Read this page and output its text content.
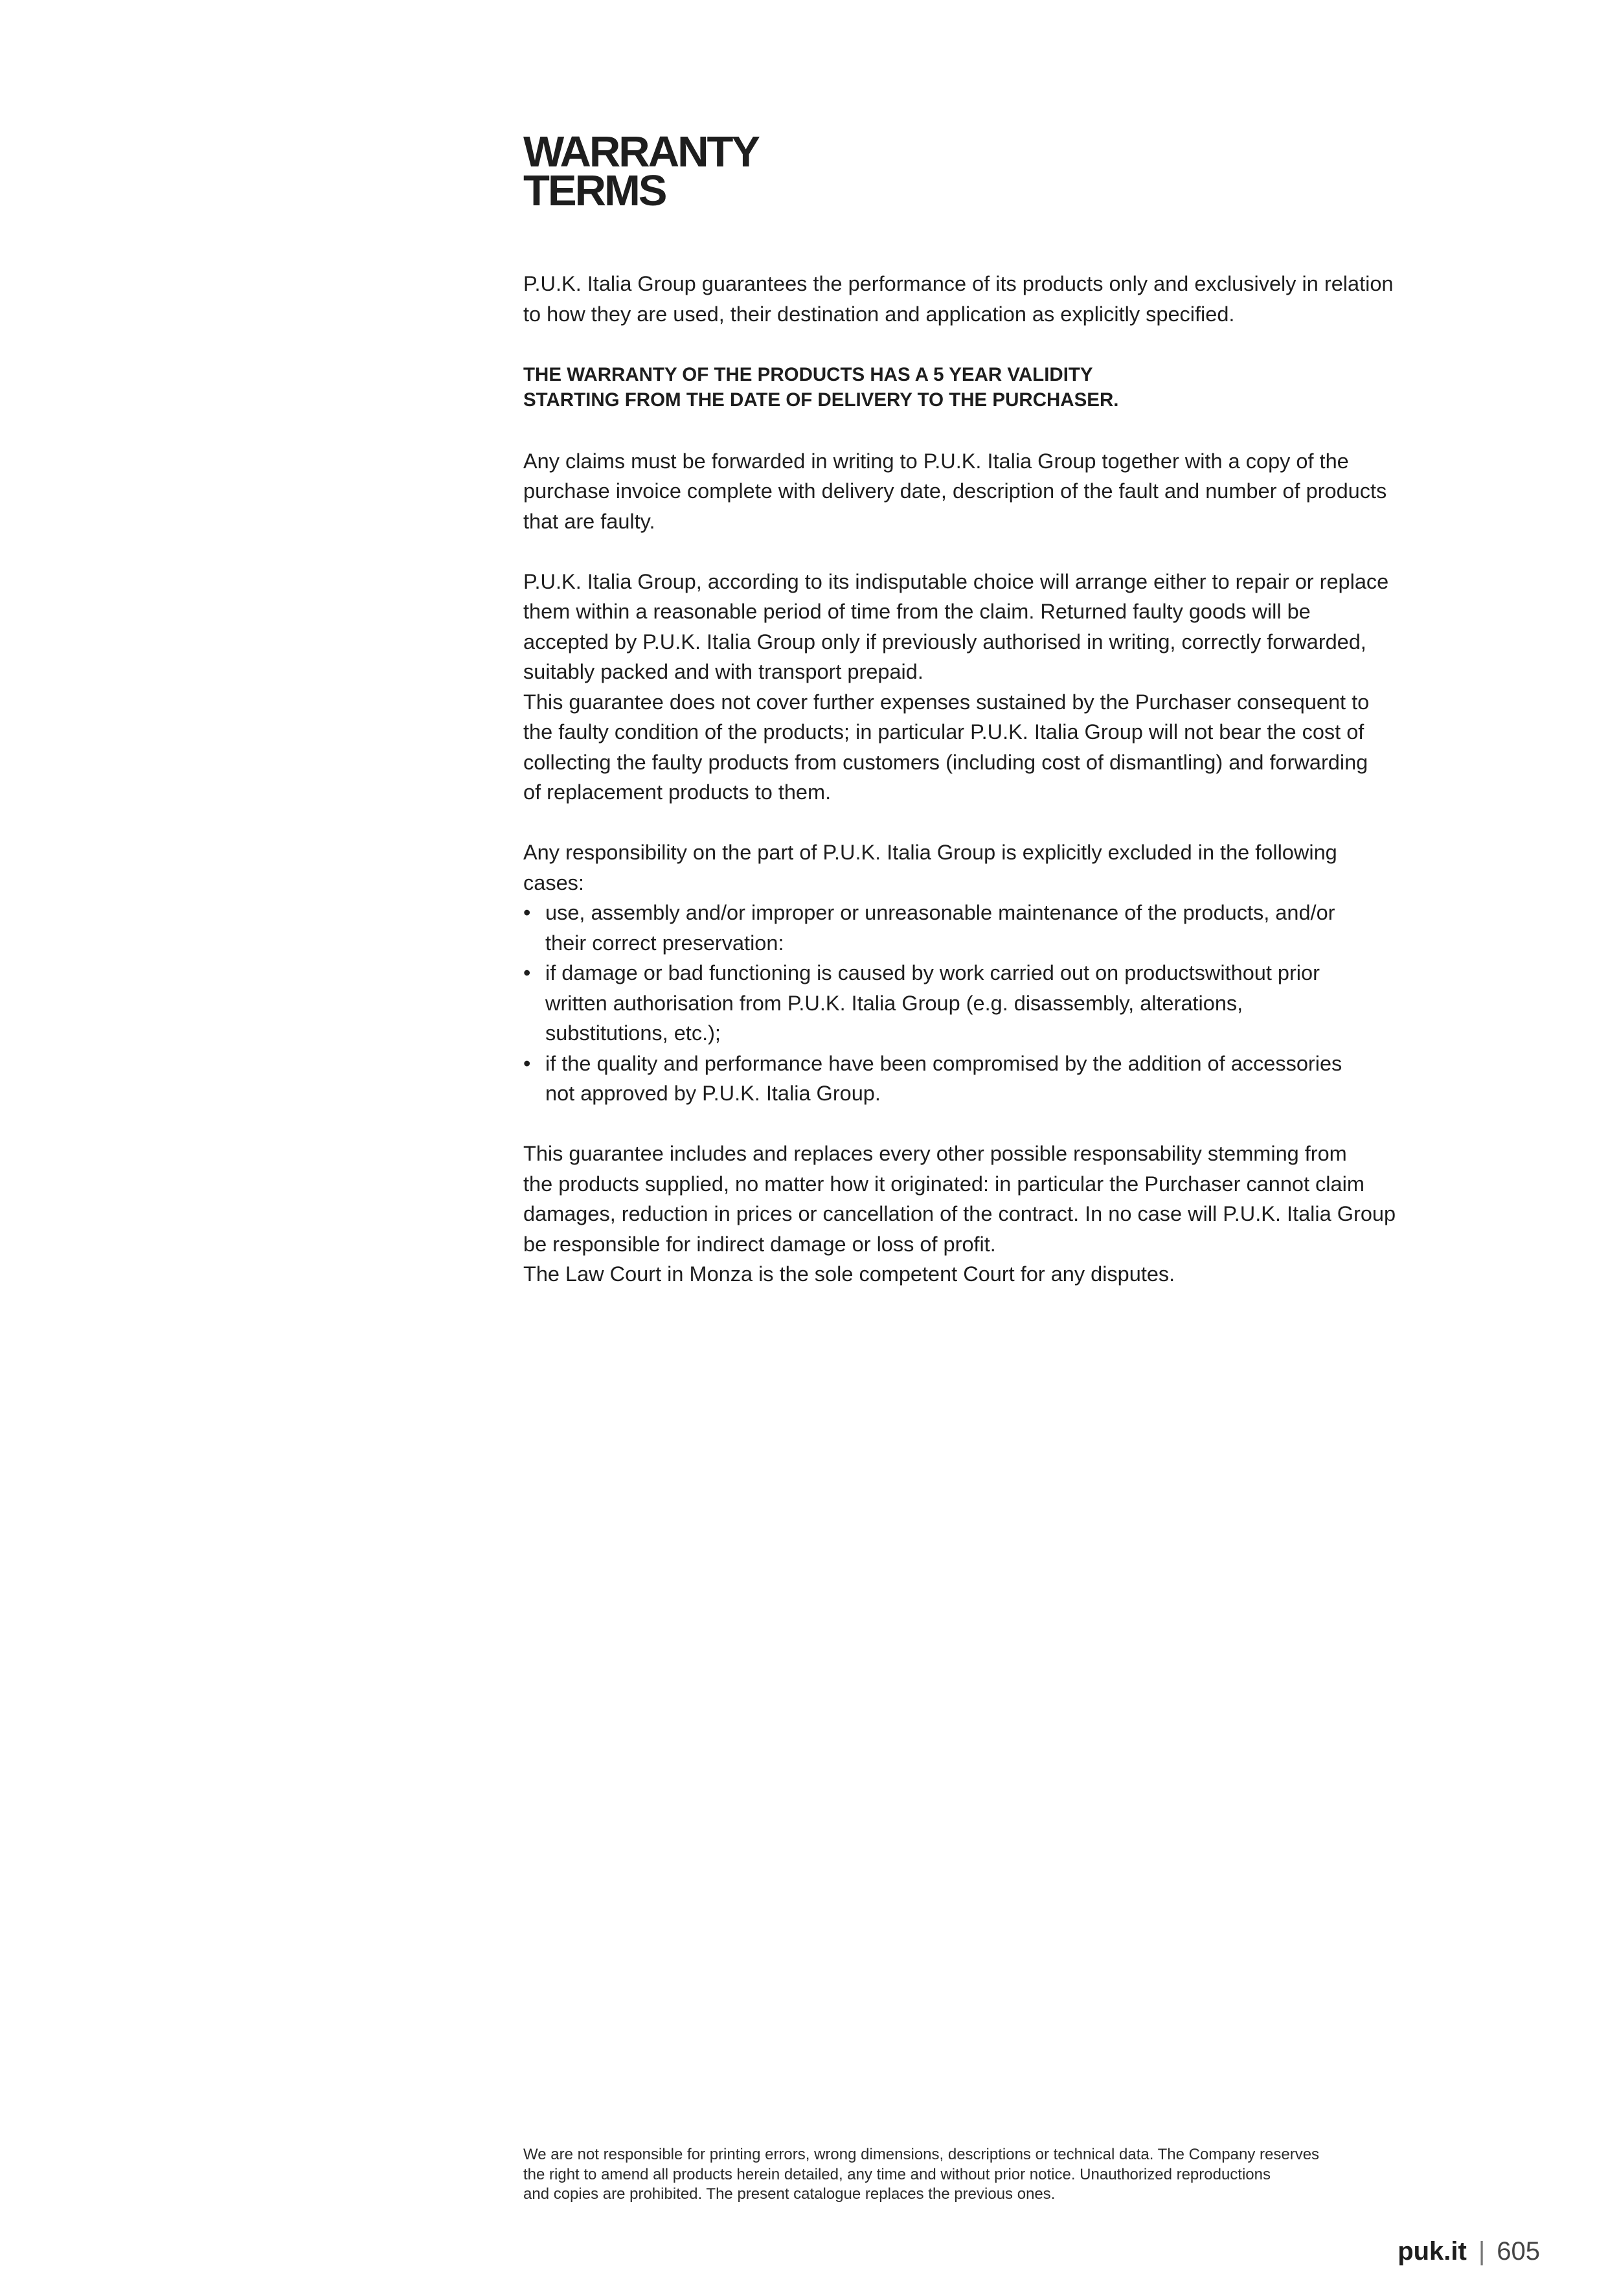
WARRANTY
TERMS

P.U.K. Italia Group guarantees the performance of its products only and exclusively in relation
to how they are used, their destination and application as explicitly specified.

THE WARRANTY OF THE PRODUCTS HAS A 5 YEAR VALIDITY
STARTING FROM THE DATE OF DELIVERY TO THE PURCHASER.

Any claims must be forwarded in writing to P.U.K. Italia Group together with a copy of the
purchase invoice complete with delivery date, description of the fault and number of products
that are faulty.

P.U.K. Italia Group, according to its indisputable choice will arrange either to repair or replace
them within a reasonable period of time from the claim. Returned faulty goods will be
accepted by P.U.K. Italia Group only if previously authorised in writing, correctly forwarded,
suitably packed and with transport prepaid.
This guarantee does not cover further expenses sustained by the Purchaser consequent to
the faulty condition of the products; in particular P.U.K. Italia Group will not bear the cost of
collecting the faulty products from customers (including cost of dismantling) and forwarding
of replacement products to them.

Any responsibility on the part of P.U.K. Italia Group is explicitly excluded in the following
cases:

• use, assembly and/or improper or unreasonable maintenance of the products, and/or
their correct preservation:
• if damage or bad functioning is caused by work carried out on productswithout prior
written authorisation from P.U.K. Italia Group (e.g. disassembly, alterations,
substitutions, etc.);
• if the quality and performance have been compromised by the addition of accessories
not approved by P.U.K. Italia Group.

This guarantee includes and replaces every other possible responsability stemming from
the products supplied, no matter how it originated: in particular the Purchaser cannot claim
damages, reduction in prices or cancellation of the contract. In no case will P.U.K. Italia Group
be responsible for indirect damage or loss of profit.
The Law Court in Monza is the sole competent Court for any disputes.

We are not responsible for printing errors, wrong dimensions, descriptions or technical data. The Company reserves
the right to amend all products herein detailed, any time and without prior notice. Unauthorized reproductions
and copies are prohibited. The present catalogue replaces the previous ones.
puk.it | 605
